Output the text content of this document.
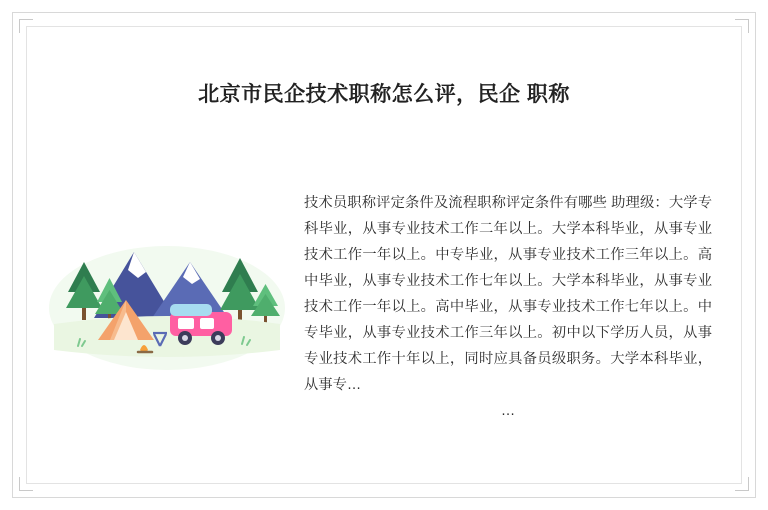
北京市民企技术职称怎么评，民企 职称
技术员职称评定条件及流程职称评定条件有哪些 助理级：大学专科毕业，从事专业技术工作二年以上。大学本科毕业，从事专业技术工作一年以上。中专毕业，从事专业技术工作三年以上。高中毕业，从事专业技术工作七年以上。大学本科毕业，从事专业技术工作一年以上。高中毕业，从事专业技术工作七年以上。中专毕业，从事专业技术工作三年以上。初中以下学历人员，从事专业技术工作十年以上，同时应具备员级职务。大学本科毕业，从事专…
…
